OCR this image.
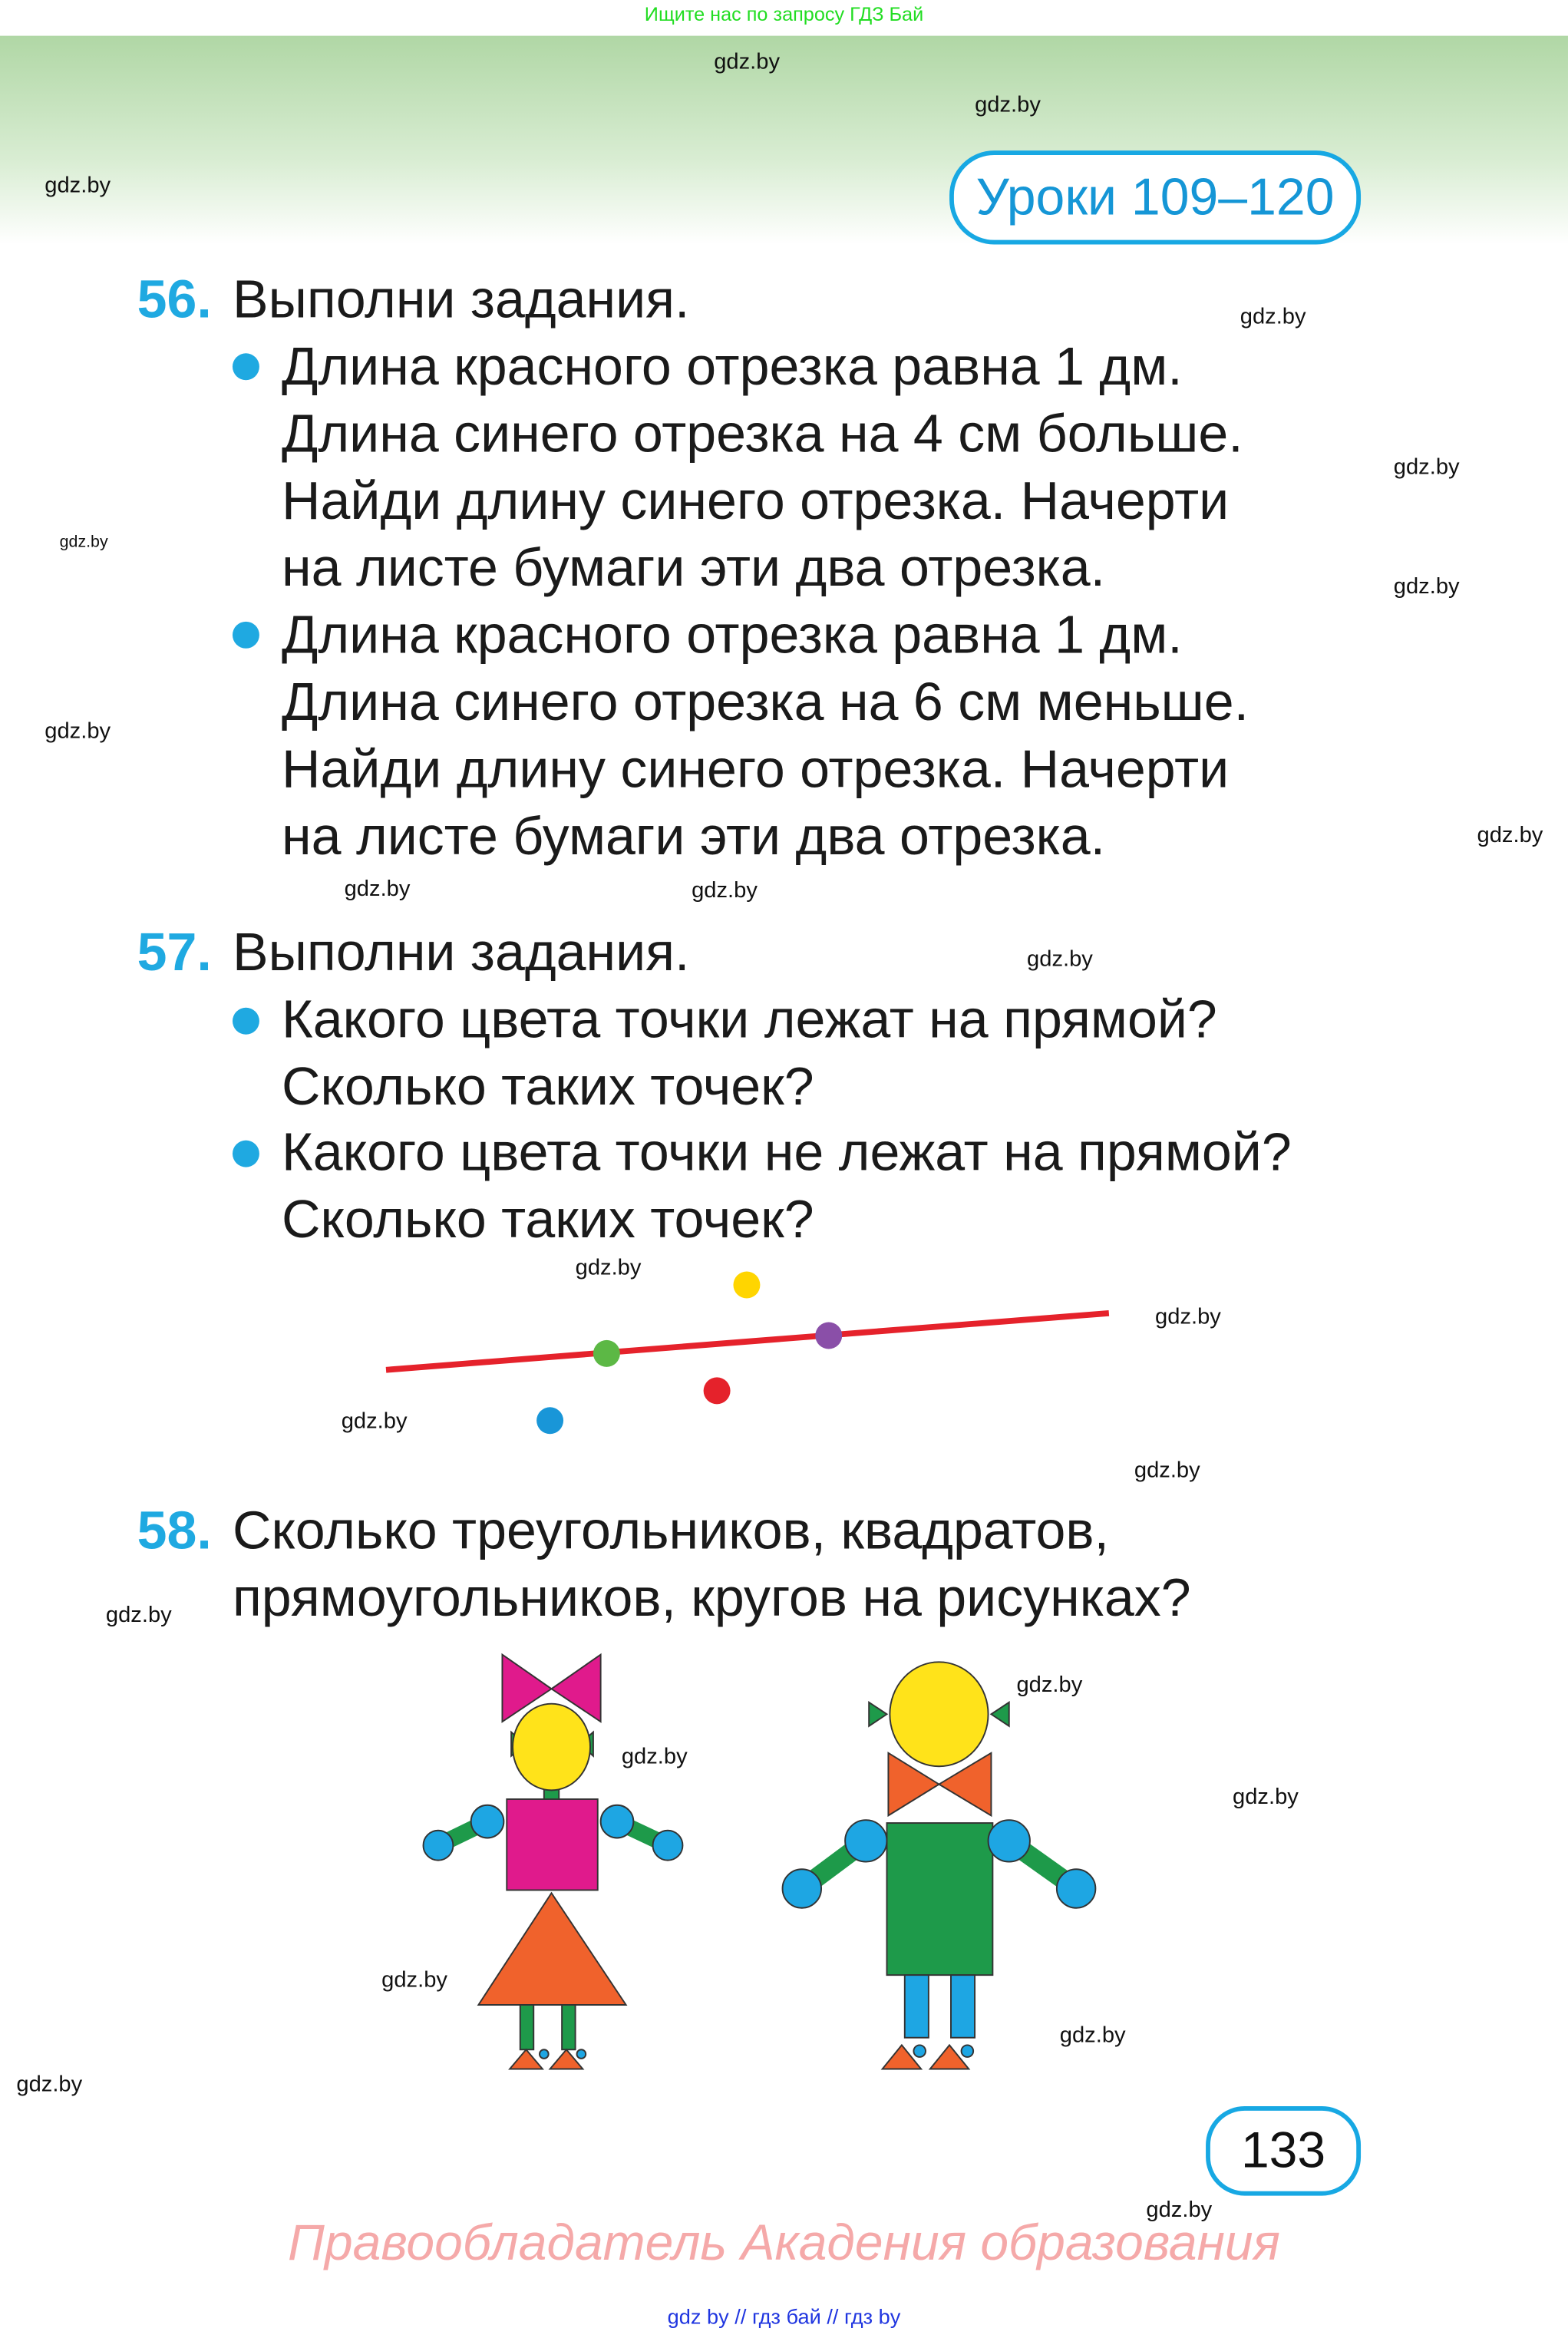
Ищите нас по запросу ГДЗ Бай
Уроки 109–120
56. Выполни задания.
Длина красного отрезка равна 1 дм.
Длина синего отрезка на 4 см больше.
Найди длину синего отрезка. Начерти
на листе бумаги эти два отрезка.
Длина красного отрезка равна 1 дм.
Длина синего отрезка на 6 см меньше.
Найди длину синего отрезка. Начерти
на листе бумаги эти два отрезка.
57. Выполни задания.
Какого цвета точки лежат на прямой?
Сколько таких точек?
Какого цвета точки не лежат на прямой?
Сколько таких точек?
58. Сколько треугольников, квадратов,
прямоугольников, кругов на рисунках?
gdz.by
gdz.by
gdz.by
gdz.by
gdz.by
gdz.by
gdz.by
gdz.by
gdz.by
gdz.by	gdz.by
gdz.by
gdz.by
gdz.by
gdz.by
gdz.by
gdz.by
gdz.by
gdz.by
gdz.by
gdz.by
gdz.by
gdz.by
gdz.by
133
Правообладатель Акадения образования
gdz by // гдз бай // гдз by
